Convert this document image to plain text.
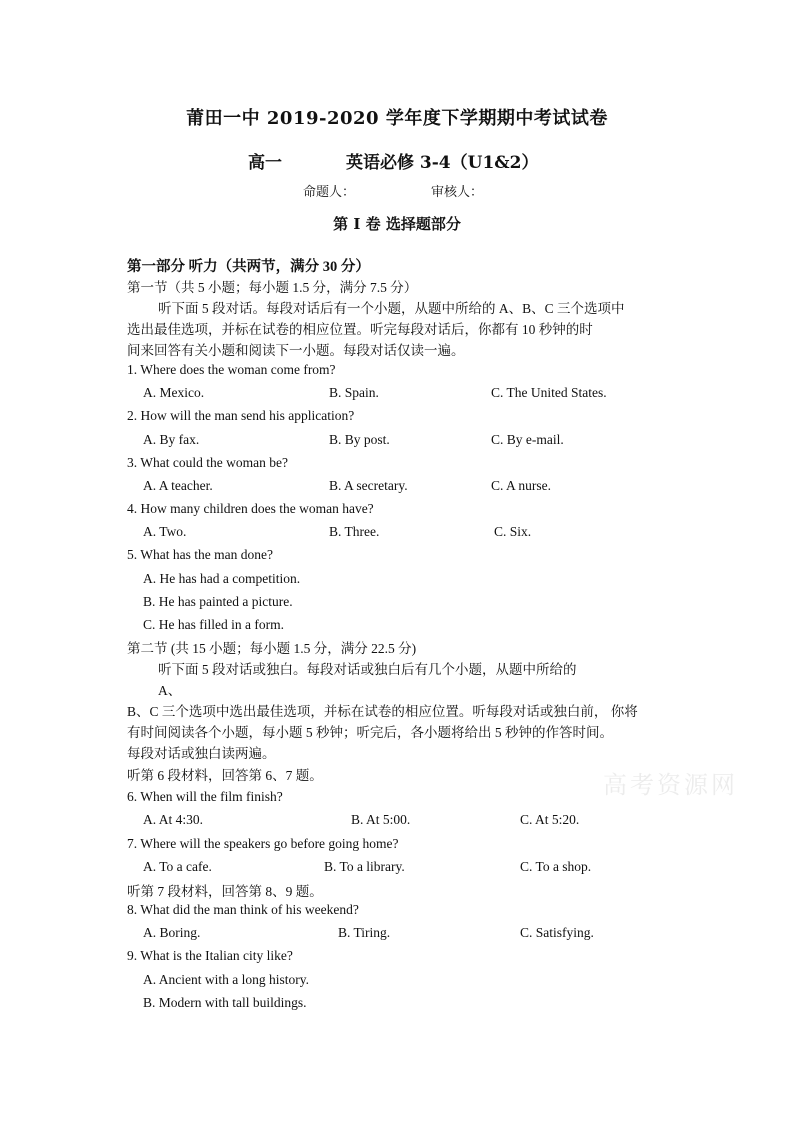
莆田一中 2019-2020 学年度下学期期中考试试卷
高一	英语必修 3-4（U1&2）
命题人：	审核人：
第 I 卷 选择题部分
第一部分 听力（共两节，满分 30 分）
第一节（共 5 小题；每小题 1.5 分，满分 7.5 分）
听下面 5 段对话。每段对话后有一个小题，从题中所给的 A、B、C 三个选项中
选出最佳选项，并标在试卷的相应位置。听完每段对话后，你都有 10 秒钟的时
间来回答有关小题和阅读下一小题。每段对话仅读一遍。
1. Where does the woman come from?
A. Mexico.	B. Spain.	C. The United States.
2. How will the man send his application?
A. By fax.	B. By post.	C. By e-mail.
3. What could the woman be?
A. A teacher.	B. A secretary.	C. A nurse.
4. How many children does the woman have?
A. Two.	B. Three.	C. Six.
5. What has the man done?
A. He has had a competition.
B. He has painted a picture.
C. He has filled in a form.
第二节 (共 15 小题；每小题 1.5 分，满分 22.5 分)
听下面 5 段对话或独白。每段对话或独白后有几个小题，从题中所给的
A、
B、C 三个选项中选出最佳选项，并标在试卷的相应位置。听每段对话或独白前， 你将
有时间阅读各个小题，每小题 5 秒钟；听完后，各小题将给出 5 秒钟的作答时间。
每段对话或独白读两遍。
听第 6 段材料，回答第 6、7 题。
6. When will the film finish?
A. At 4:30.	B. At 5:00.	C. At 5:20.
7. Where will the speakers go before going home?
A. To a cafe.	B. To a library.	C. To a shop.
听第 7 段材料，回答第 8、9 题。
8. What did the man think of his weekend?
A. Boring.	B. Tiring.	C. Satisfying.
9. What is the Italian city like?
A. Ancient with a long history.
B. Modern with tall buildings.
高考资源网
